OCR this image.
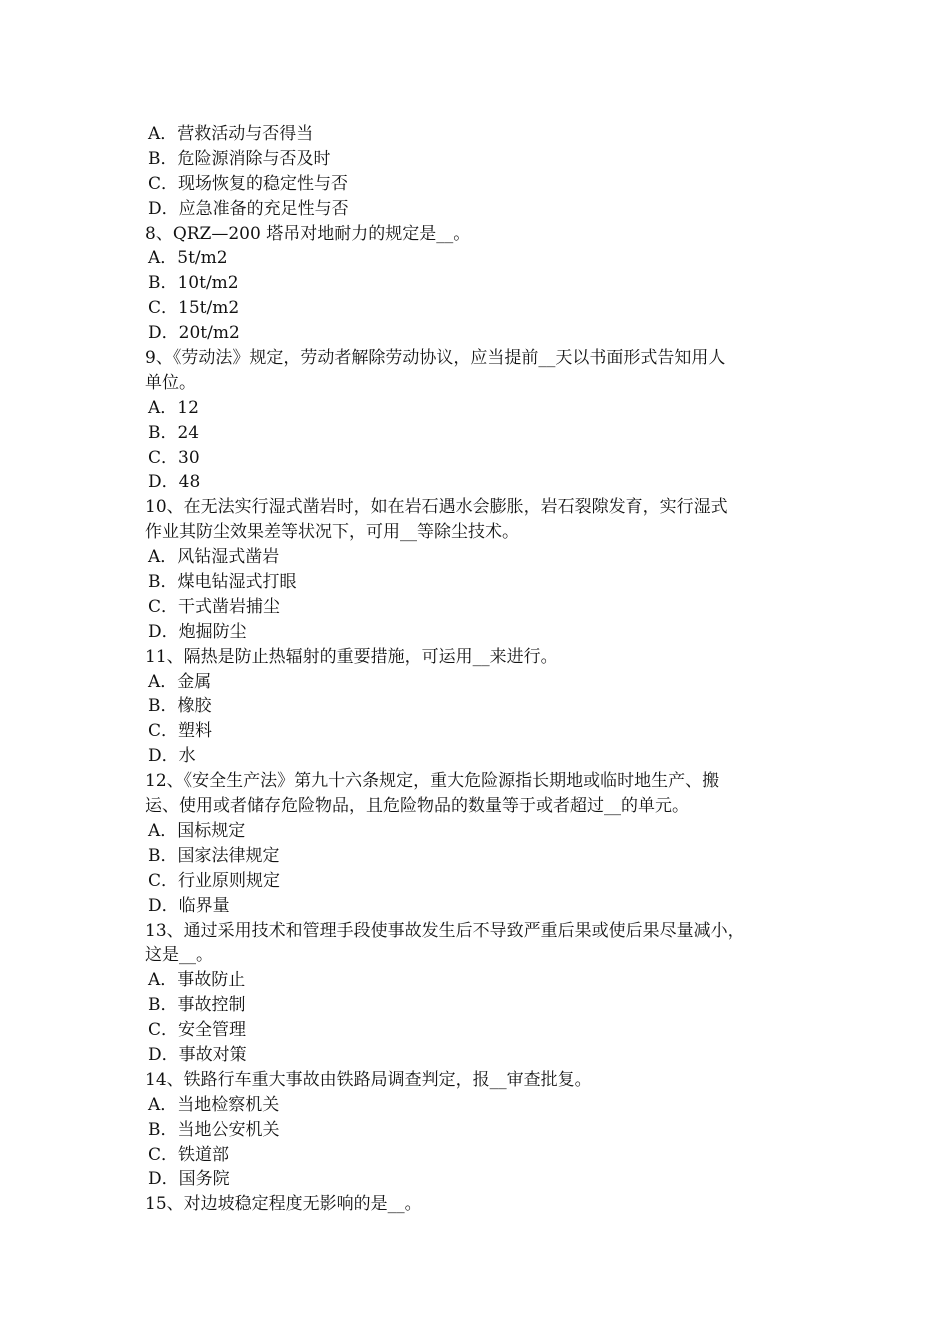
A．营救活动与否得当
B．危险源消除与否及时
C．现场恢复的稳定性与否
D．应急准备的充足性与否
8、QRZ—200 塔吊对地耐力的规定是__。
A．5t/m2
B．10t/m2
C．15t/m2
D．20t/m2
9、《劳动法》规定，劳动者解除劳动协议，应当提前__天以书面形式告知用人
单位。
A．12
B．24
C．30
D．48
10、在无法实行湿式凿岩时，如在岩石遇水会膨胀，岩石裂隙发育，实行湿式
作业其防尘效果差等状况下，可用__等除尘技术。
A．风钻湿式凿岩
B．煤电钻湿式打眼
C．干式凿岩捕尘
D．炮掘防尘
11、隔热是防止热辐射的重要措施，可运用__来进行。
A．金属
B．橡胶
C．塑料
D．水
12、《安全生产法》第九十六条规定，重大危险源指长期地或临时地生产、搬
运、使用或者储存危险物品，且危险物品的数量等于或者超过__的单元。
A．国标规定
B．国家法律规定
C．行业原则规定
D．临界量
13、通过采用技术和管理手段使事故发生后不导致严重后果或使后果尽量减小，
这是__。
A．事故防止
B．事故控制
C．安全管理
D．事故对策
14、铁路行车重大事故由铁路局调查判定，报__审查批复。
A．当地检察机关
B．当地公安机关
C．铁道部
D．国务院
15、对边坡稳定程度无影响的是__。
